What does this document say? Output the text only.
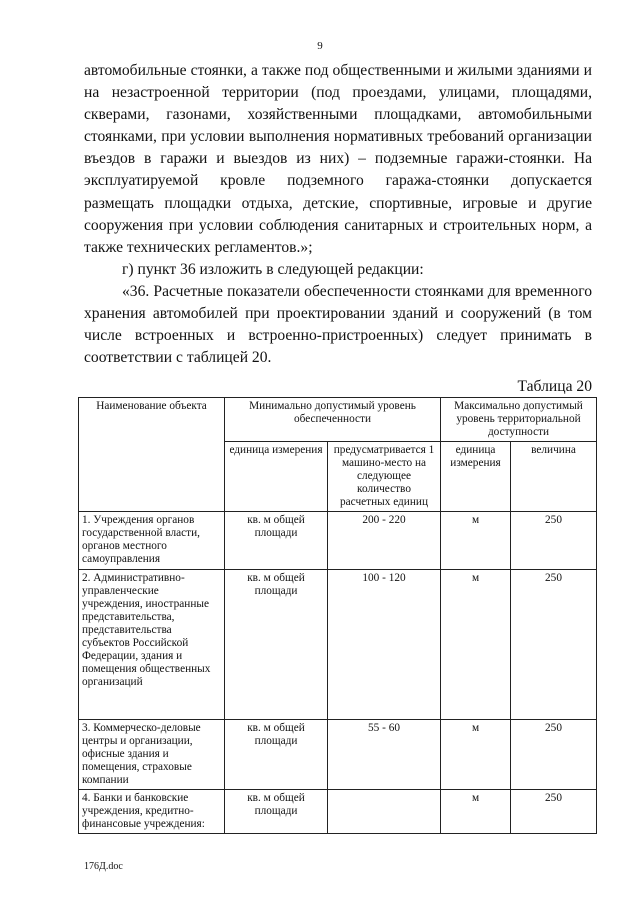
9

автомобильные стоянки, а также под общественными и жилыми зданиями и на незастроенной территории (под проездами, улицами, площадями, скверами, газонами, хозяйственными площадками, автомобильными стоянками, при условии выполнения нормативных требований организации въездов в гаражи и выездов из них) – подземные гаражи-стоянки. На эксплуатируемой кровле подземного гаража-стоянки допускается размещать площадки отдыха, детские, спортивные, игровые и другие сооружения при условии соблюдения санитарных и строительных норм, а также технических регламентов.»;

г) пункт 36 изложить в следующей редакции:

«36. Расчетные показатели обеспеченности стоянками для временного хранения автомобилей при проектировании зданий и сооружений (в том числе встроенных и встроенно-пристроенных) следует принимать в соответствии с таблицей 20.

Таблица 20
Наименование объекта	Минимально допустимый уровень обеспеченности		Максимально допустимый уровень территориальной доступности	
	единица измерения	предусматривается 1 машино-место на следующее количество расчетных единиц	единица измерения	величина
1. Учреждения органов государственной власти, органов местного самоуправления	кв. м общей площади	200 - 220	м	250
2. Административно-управленческие учреждения, иностранные представительства, представительства субъектов Российской Федерации, здания и помещения общественных организаций	кв. м общей площади	100 - 120	м	250
3. Коммерческо-деловые центры и организации, офисные здания и помещения, страховые компании	кв. м общей площади	55 - 60	м	250
4. Банки и банковские учреждения, кредитно-финансовые учреждения:	кв. м общей площади		м	250
176Д.doc
